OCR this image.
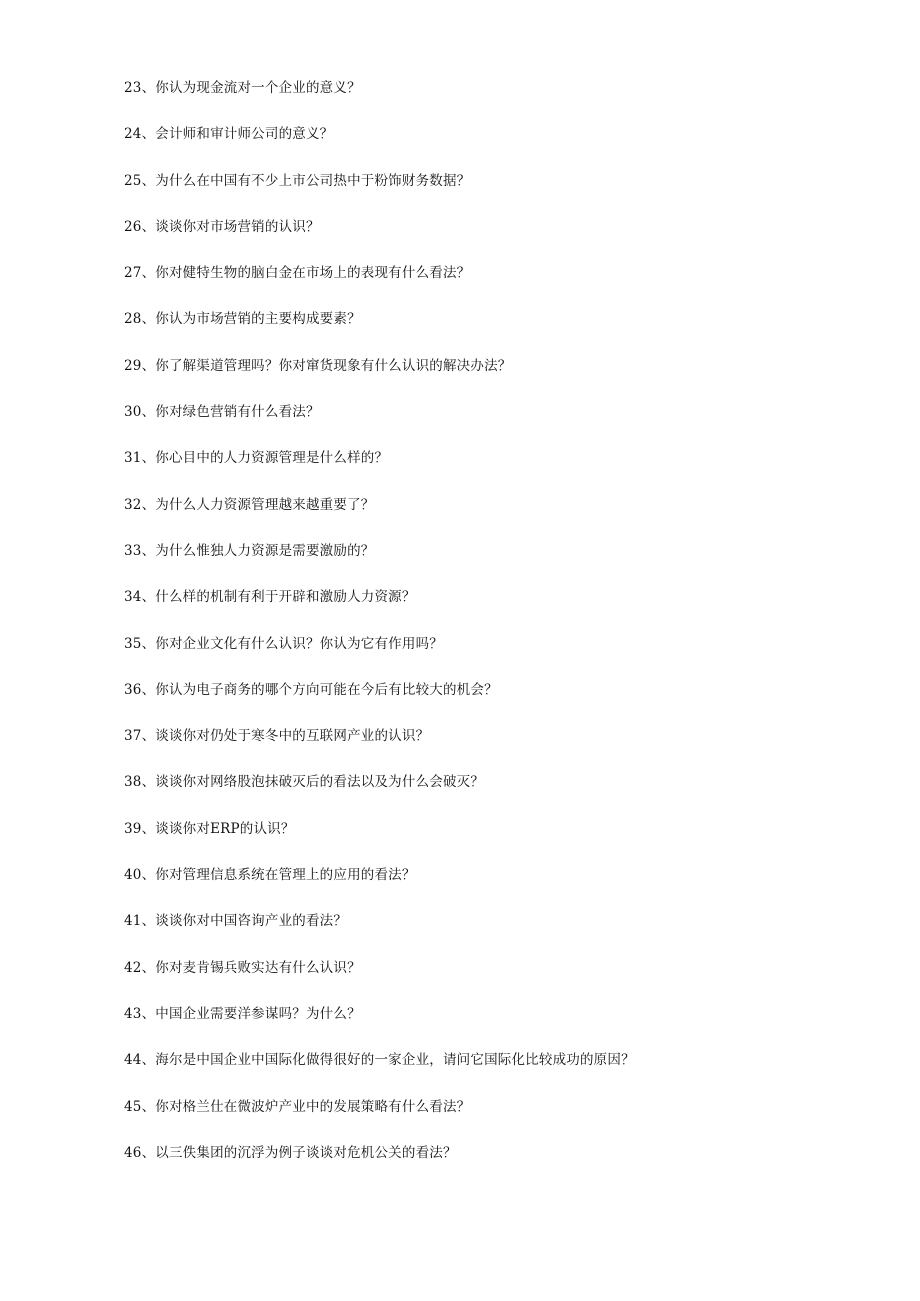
23、你认为现金流对一个企业的意义？
24、会计师和审计师公司的意义？
25、为什么在中国有不少上市公司热中于粉饰财务数据？
26、谈谈你对市场营销的认识？
27、你对健特生物的脑白金在市场上的表现有什么看法？
28、你认为市场营销的主要构成要素？
29、你了解渠道管理吗？你对窜货现象有什么认识的解决办法？
30、你对绿色营销有什么看法？
31、你心目中的人力资源管理是什么样的？
32、为什么人力资源管理越来越重要了？
33、为什么惟独人力资源是需要激励的？
34、什么样的机制有利于开辟和激励人力资源？
35、你对企业文化有什么认识？你认为它有作用吗？
36、你认为电子商务的哪个方向可能在今后有比较大的机会？
37、谈谈你对仍处于寒冬中的互联网产业的认识？
38、谈谈你对网络股泡抹破灭后的看法以及为什么会破灭？
39、谈谈你对ERP的认识？
40、你对管理信息系统在管理上的应用的看法？
41、谈谈你对中国咨询产业的看法？
42、你对麦肯锡兵败实达有什么认识？
43、中国企业需要洋参谋吗？为什么？
44、海尔是中国企业中国际化做得很好的一家企业，请问它国际化比较成功的原因？
45、你对格兰仕在微波炉产业中的发展策略有什么看法？
46、以三佚集团的沉浮为例子谈谈对危机公关的看法？
